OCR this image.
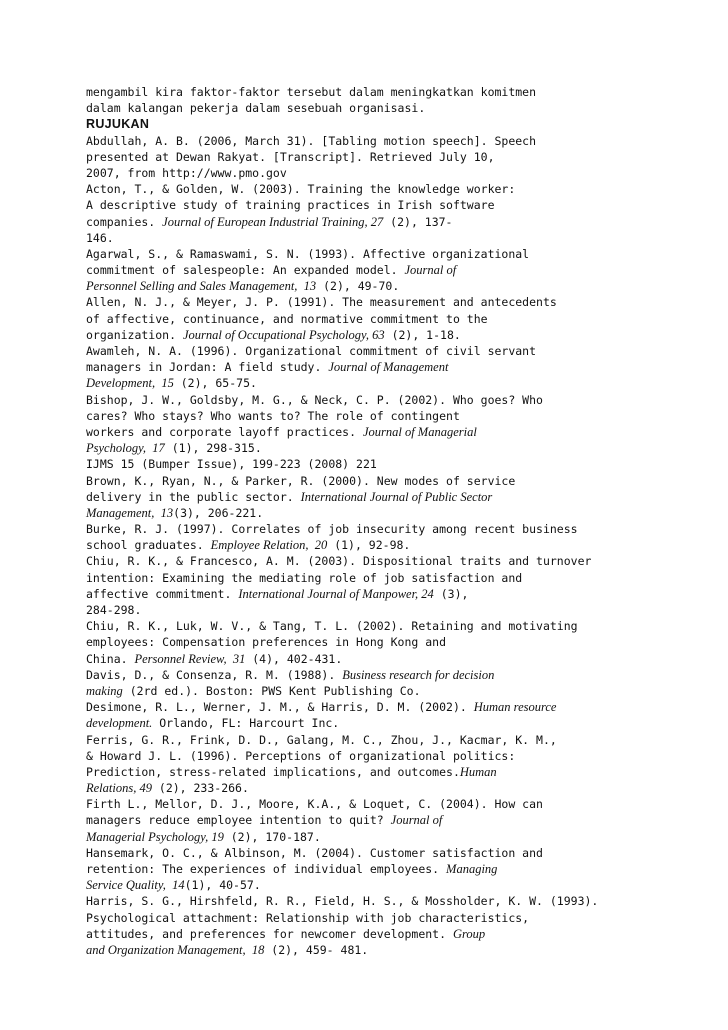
mengambil kira faktor-faktor tersebut dalam meningkatkan komitmen
dalam kalangan pekerja dalam sesebuah organisasi.
RUJUKAN
Abdullah, A. B. (2006, March 31). [Tabling motion speech]. Speech
presented at Dewan Rakyat. [Transcript]. Retrieved July 10,
2007, from http://www.pmo.gov
Acton, T., & Golden, W. (2003). Training the knowledge worker:
A descriptive study of training practices in Irish software
companies. Journal of European Industrial Training, 27 (2), 137-
146.
Agarwal, S., & Ramaswami, S. N. (1993). Affective organizational
commitment of salespeople: An expanded model. Journal of
Personnel Selling and Sales Management,  13 (2), 49-70.
Allen, N. J., & Meyer, J. P. (1991). The measurement and antecedents
of affective, continuance, and normative commitment to the
organization. Journal of Occupational Psychology, 63 (2), 1-18.
Awamleh, N. A. (1996). Organizational commitment of civil servant
managers in Jordan: A field study. Journal of Management
Development,  15 (2), 65-75.
Bishop, J. W., Goldsby, M. G., & Neck, C. P. (2002). Who goes? Who
cares? Who stays? Who wants to? The role of contingent
workers and corporate layoff practices. Journal of Managerial
Psychology,  17 (1), 298-315.
IJMS 15 (Bumper Issue), 199-223 (2008) 221
Brown, K., Ryan, N., & Parker, R. (2000). New modes of service
delivery in the public sector. International Journal of Public Sector
Management,  13(3), 206-221.
Burke, R. J. (1997). Correlates of job insecurity among recent business
school graduates. Employee Relation,  20 (1), 92-98.
Chiu, R. K., & Francesco, A. M. (2003). Dispositional traits and turnover
intention: Examining the mediating role of job satisfaction and
affective commitment. International Journal of Manpower, 24 (3),
284-298.
Chiu, R. K., Luk, W. V., & Tang, T. L. (2002). Retaining and motivating
employees: Compensation preferences in Hong Kong and
China. Personnel Review,  31 (4), 402-431.
Davis, D., & Consenza, R. M. (1988). Business research for decision
making (2rd ed.). Boston: PWS Kent Publishing Co.
Desimone, R. L., Werner, J. M., & Harris, D. M. (2002). Human resource
development. Orlando, FL: Harcourt Inc.
Ferris, G. R., Frink, D. D., Galang, M. C., Zhou, J., Kacmar, K. M.,
& Howard J. L. (1996). Perceptions of organizational politics:
Prediction, stress-related implications, and outcomes.Human
Relations, 49 (2), 233-266.
Firth L., Mellor, D. J., Moore, K.A., & Loquet, C. (2004). How can
managers reduce employee intention to quit? Journal of
Managerial Psychology, 19 (2), 170-187.
Hansemark, O. C., & Albinson, M. (2004). Customer satisfaction and
retention: The experiences of individual employees. Managing
Service Quality,  14(1), 40-57.
Harris, S. G., Hirshfeld, R. R., Field, H. S., & Mossholder, K. W. (1993).
Psychological attachment: Relationship with job characteristics,
attitudes, and preferences for newcomer development. Group
and Organization Management,  18 (2), 459- 481.
